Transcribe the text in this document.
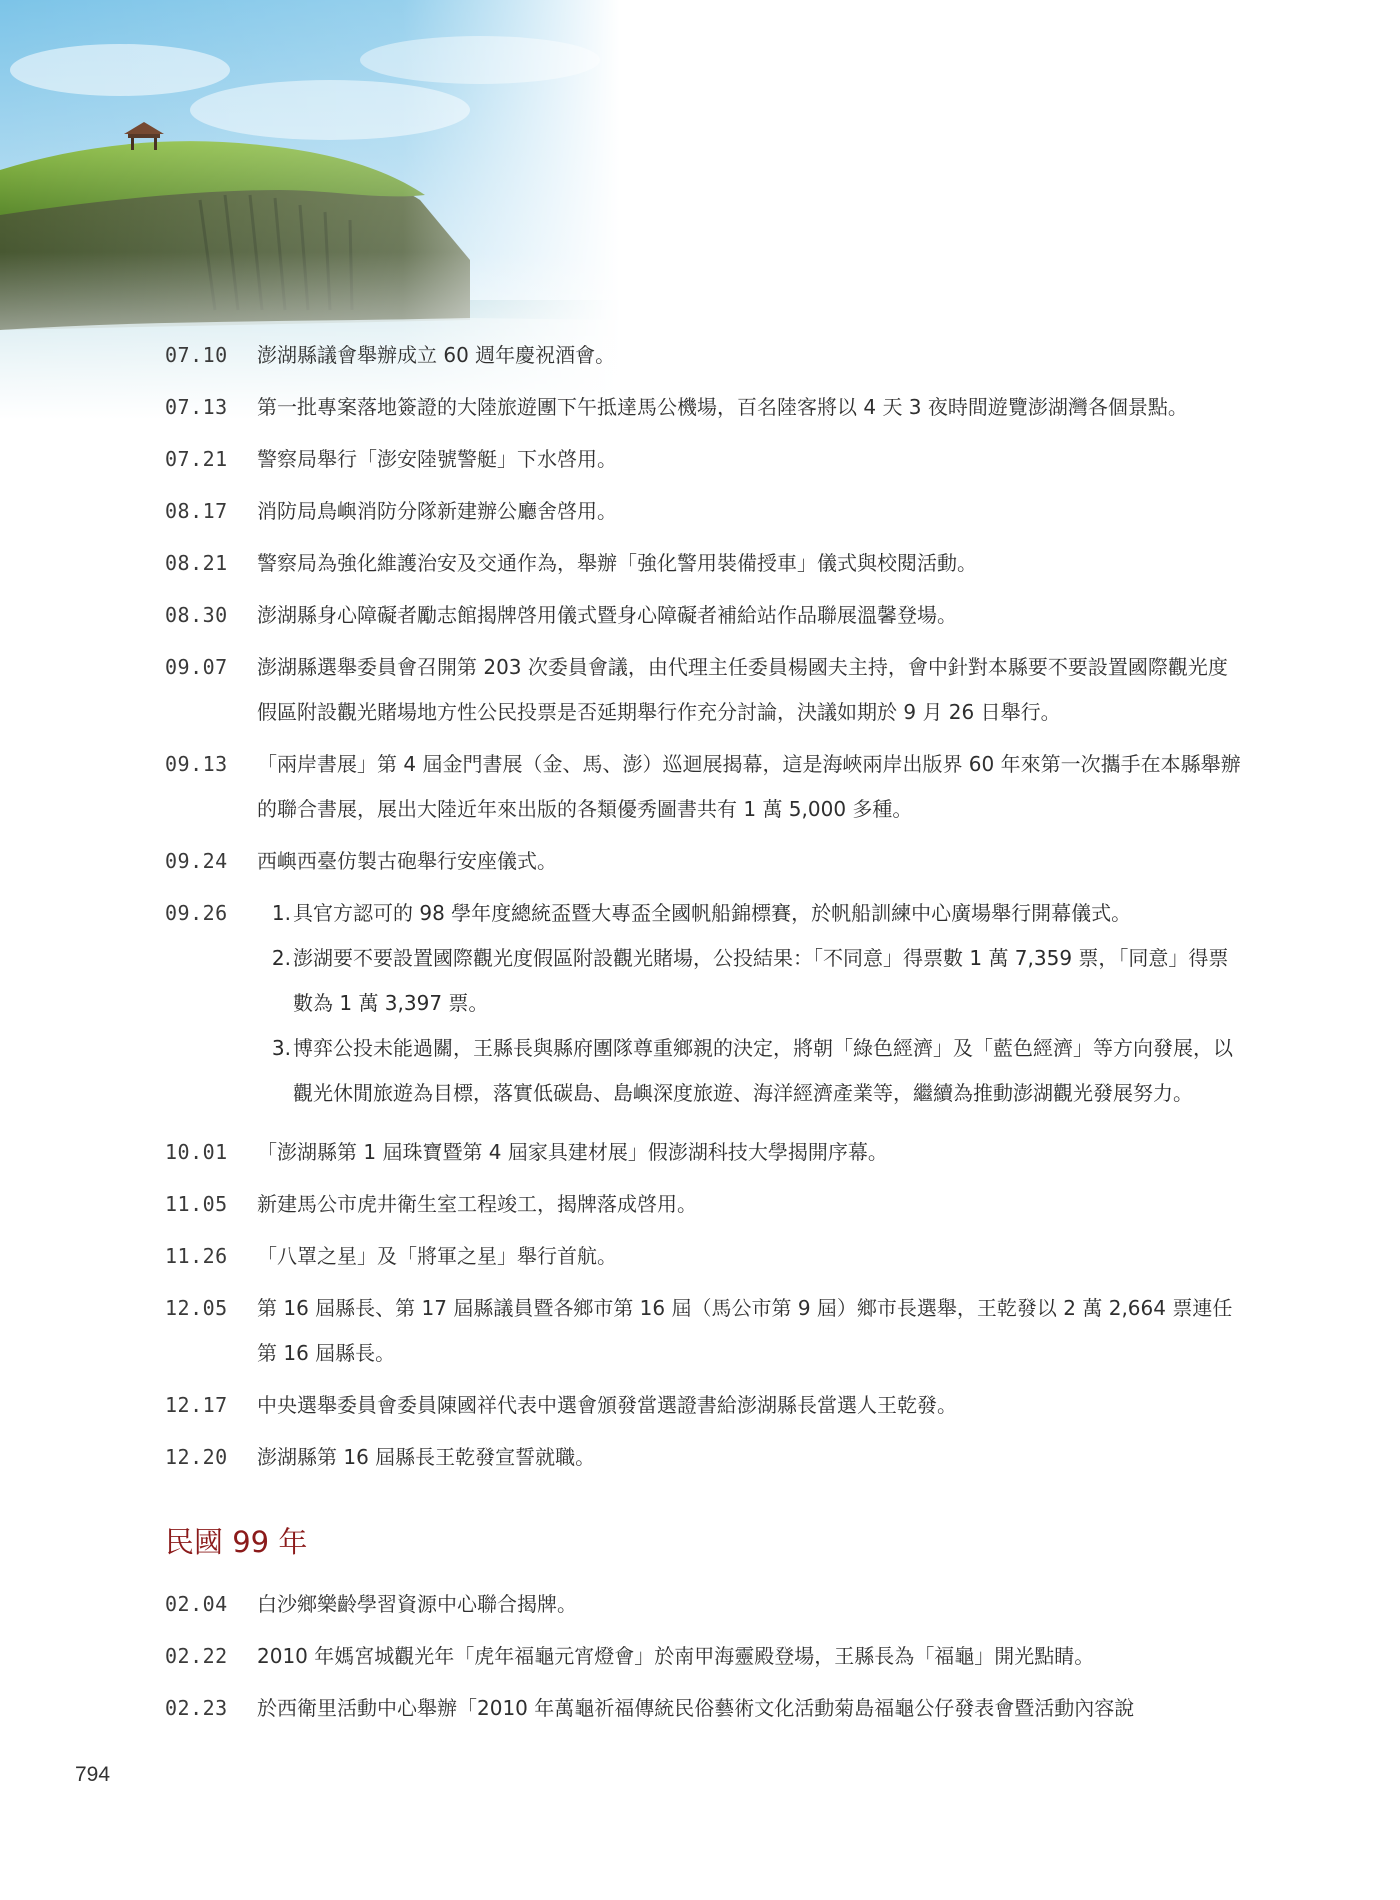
07.10	澎湖縣議會舉辦成立 60 週年慶祝酒會。
07.13	第一批專案落地簽證的大陸旅遊團下午抵達馬公機場，百名陸客將以 4 天 3 夜時間遊覽澎湖灣各個景點。
07.21	警察局舉行「澎安陸號警艇」下水啓用。
08.17	消防局鳥嶼消防分隊新建辦公廳舍啓用。
08.21	警察局為強化維護治安及交通作為，舉辦「強化警用裝備授車」儀式與校閱活動。
08.30	澎湖縣身心障礙者勵志館揭牌啓用儀式暨身心障礙者補給站作品聯展溫馨登場。
09.07	澎湖縣選舉委員會召開第 203 次委員會議，由代理主任委員楊國夫主持，會中針對本縣要不要設置國際觀光度假區附設觀光賭場地方性公民投票是否延期舉行作充分討論，決議如期於 9 月 26 日舉行。
09.13	「兩岸書展」第 4 屆金門書展（金、馬、澎）巡迴展揭幕，這是海峽兩岸出版界 60 年來第一次攜手在本縣舉辦的聯合書展，展出大陸近年來出版的各類優秀圖書共有 1 萬 5,000 多種。
09.24	西嶼西臺仿製古砲舉行安座儀式。
09.26	1. 具官方認可的 98 學年度總統盃暨大專盃全國帆船錦標賽，於帆船訓練中心廣場舉行開幕儀式。
2. 澎湖要不要設置國際觀光度假區附設觀光賭場，公投結果：「不同意」得票數 1 萬 7,359 票，「同意」得票數為 1 萬 3,397 票。
3. 博弈公投未能過關，王縣長與縣府團隊尊重鄉親的決定，將朝「綠色經濟」及「藍色經濟」等方向發展，以觀光休閒旅遊為目標，落實低碳島、島嶼深度旅遊、海洋經濟產業等，繼續為推動澎湖觀光發展努力。
10.01	「澎湖縣第 1 屆珠寶暨第 4 屆家具建材展」假澎湖科技大學揭開序幕。
11.05	新建馬公市虎井衛生室工程竣工，揭牌落成啓用。
11.26	「八罩之星」及「將軍之星」舉行首航。
12.05	第 16 屆縣長、第 17 屆縣議員暨各鄉市第 16 屆（馬公市第 9 屆）鄉市長選舉，王乾發以 2 萬 2,664 票連任第 16 屆縣長。
12.17	中央選舉委員會委員陳國祥代表中選會頒發當選證書給澎湖縣長當選人王乾發。
12.20	澎湖縣第 16 屆縣長王乾發宣誓就職。
民國 99 年
02.04	白沙鄉樂齡學習資源中心聯合揭牌。
02.22	2010 年媽宮城觀光年「虎年福龜元宵燈會」於南甲海靈殿登場，王縣長為「福龜」開光點睛。
02.23	於西衛里活動中心舉辦「2010 年萬龜祈福傳統民俗藝術文化活動菊島福龜公仔發表會暨活動內容說
794
